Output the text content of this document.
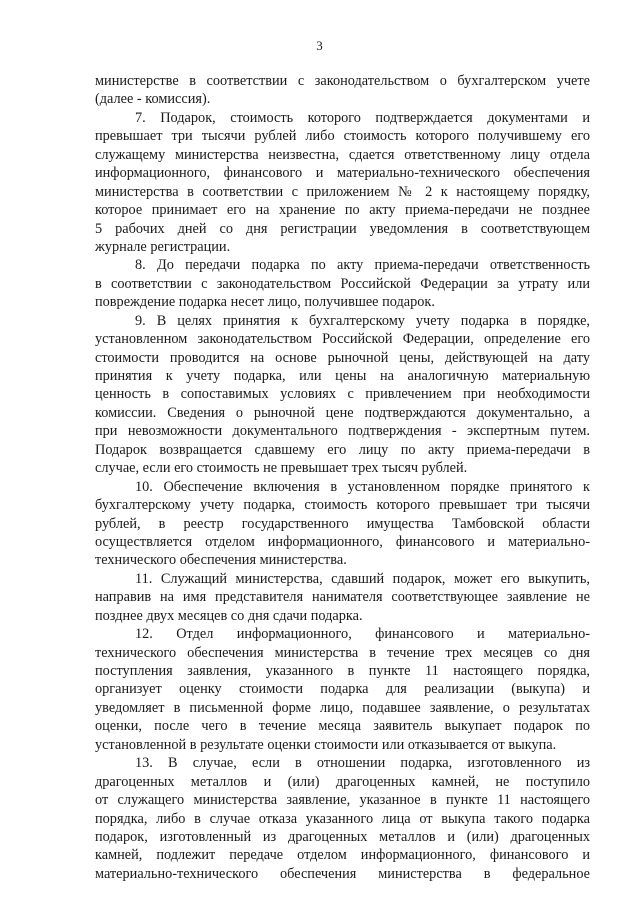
3

министерстве в соответствии с законодательством о бухгалтерском учете
(далее - комиссия).

7. Подарок, стоимость которого подтверждается документами и
превышает три тысячи рублей либо стоимость которого получившему его
служащему министерства неизвестна, сдается ответственному лицу отдела
информационного, финансового и материально-технического обеспечения
министерства в соответствии с приложением № 2 к настоящему порядку,
которое принимает его на хранение по акту приема-передачи не позднее
5 рабочих дней со дня регистрации уведомления в соответствующем
журнале регистрации.

8. До передачи подарка по акту приема-передачи ответственность
в соответствии с законодательством Российской Федерации за утрату или
повреждение подарка несет лицо, получившее подарок.

9. В целях принятия к бухгалтерскому учету подарка в порядке,
установленном законодательством Российской Федерации, определение его
стоимости проводится на основе рыночной цены, действующей на дату
принятия к учету подарка, или цены на аналогичную материальную
ценность в сопоставимых условиях с привлечением при необходимости
комиссии. Сведения о рыночной цене подтверждаются документально, а
при невозможности документального подтверждения - экспертным путем.
Подарок возвращается сдавшему его лицу по акту приема-передачи в
случае, если его стоимость не превышает трех тысяч рублей.

10. Обеспечение включения в установленном порядке принятого к
бухгалтерскому учету подарка, стоимость которого превышает три тысячи
рублей, в реестр государственного имущества Тамбовской области
осуществляется отделом информационного, финансового и материально-
технического обеспечения министерства.

11. Служащий министерства, сдавший подарок, может его выкупить,
направив на имя представителя нанимателя соответствующее заявление не
позднее двух месяцев со дня сдачи подарка.

12. Отдел информационного, финансового и материально-
технического обеспечения министерства в течение трех месяцев со дня
поступления заявления, указанного в пункте 11 настоящего порядка,
организует оценку стоимости подарка для реализации (выкупа) и
уведомляет в письменной форме лицо, подавшее заявление, о результатах
оценки, после чего в течение месяца заявитель выкупает подарок по
установленной в результате оценки стоимости или отказывается от выкупа.

13. В случае, если в отношении подарка, изготовленного из
драгоценных металлов и (или) драгоценных камней, не поступило
от служащего министерства заявление, указанное в пункте 11 настоящего
порядка, либо в случае отказа указанного лица от выкупа такого подарка
подарок, изготовленный из драгоценных металлов и (или) драгоценных
камней, подлежит передаче отделом информационного, финансового и
материально-технического обеспечения министерства в федеральное
